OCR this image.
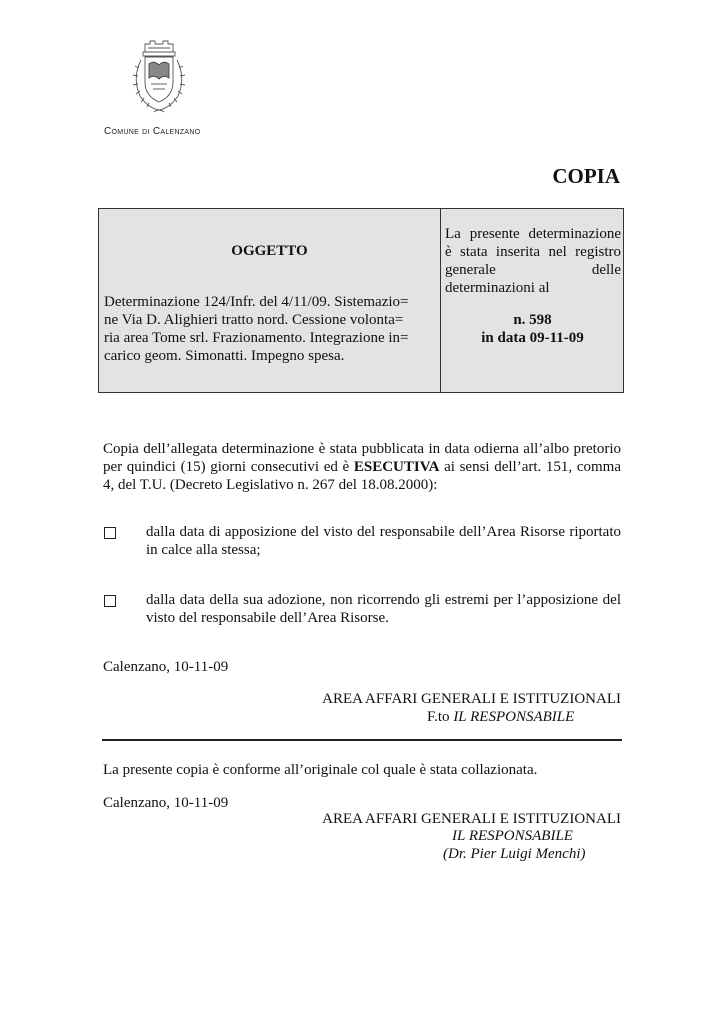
Comune di Calenzano
COPIA
OGGETTO
Determinazione 124/Infr. del 4/11/09. Sistemazio=
ne Via D. Alighieri tratto nord. Cessione volonta=
ria area Tome srl. Frazionamento. Integrazione in=
carico geom. Simonatti. Impegno spesa.
La presente determinazione è stata inserita nel registro generale delle determinazioni al
n. 598
in data 09-11-09
Copia dell’allegata determinazione è stata pubblicata in data odierna all’albo pretorio per quindici (15) giorni consecutivi ed è ESECUTIVA ai sensi dell’art. 151, comma 4, del T.U. (Decreto Legislativo n. 267 del 18.08.2000):
dalla data di apposizione del visto del responsabile dell’Area Risorse riportato in calce alla stessa;
dalla data della sua adozione, non ricorrendo gli estremi per l’apposizione del visto del responsabile dell’Area Risorse.
Calenzano, 10-11-09
AREA AFFARI GENERALI E ISTITUZIONALI
F.to IL RESPONSABILE
La presente copia è conforme all’originale col quale è stata collazionata.
Calenzano, 10-11-09
AREA AFFARI GENERALI E ISTITUZIONALI
IL RESPONSABILE
(Dr. Pier Luigi Menchi)
